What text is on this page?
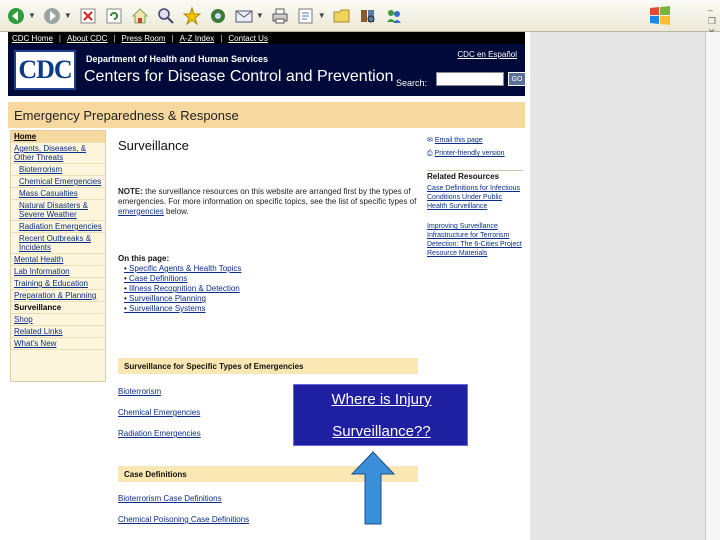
▼	▼	▼	▼
–
❐
CDC Home | About CDC | Press Room | A-Z Index | Contact Us
CDC	Department of Health and Human Services
Centers for Disease Control and Prevention
CDC en Español
Search:	GO
Emergency Preparedness & Response
Home
Agents, Diseases, & Other Threats
Bioterrorism
Chemical Emergencies
Mass Casualties
Natural Disasters & Severe Weather
Radiation Emergencies
Recent Outbreaks & Incidents
Mental Health
Lab Information
Training & Education
Preparation & Planning
Surveillance
Shop
Related Links
What's New
Surveillance
NOTE: the surveillance resources on this website are arranged first by the types of emergencies. For more information on specific topics, see the list of specific types of emergencies below.
On this page:
• Specific Agents & Health Topics
• Case Definitions
• Illness Recognition & Detection
• Surveillance Planning
• Surveillance Systems
Surveillance for Specific Types of Emergencies
Bioterrorism
Chemical Emergencies
Radiation Emergencies
Case Definitions
Bioterrorism Case Definitions
Chemical Poisoning Case Definitions
✉ Email this page
⎙ Printer-friendly version
Related Resources
Case Definitions for Infectious Conditions Under Public Health Surveillance
Improving Surveillance Infrastructure for Terrorism Detection: The 6-Cities Project Resource Materials
Where is Injury
Surveillance??
